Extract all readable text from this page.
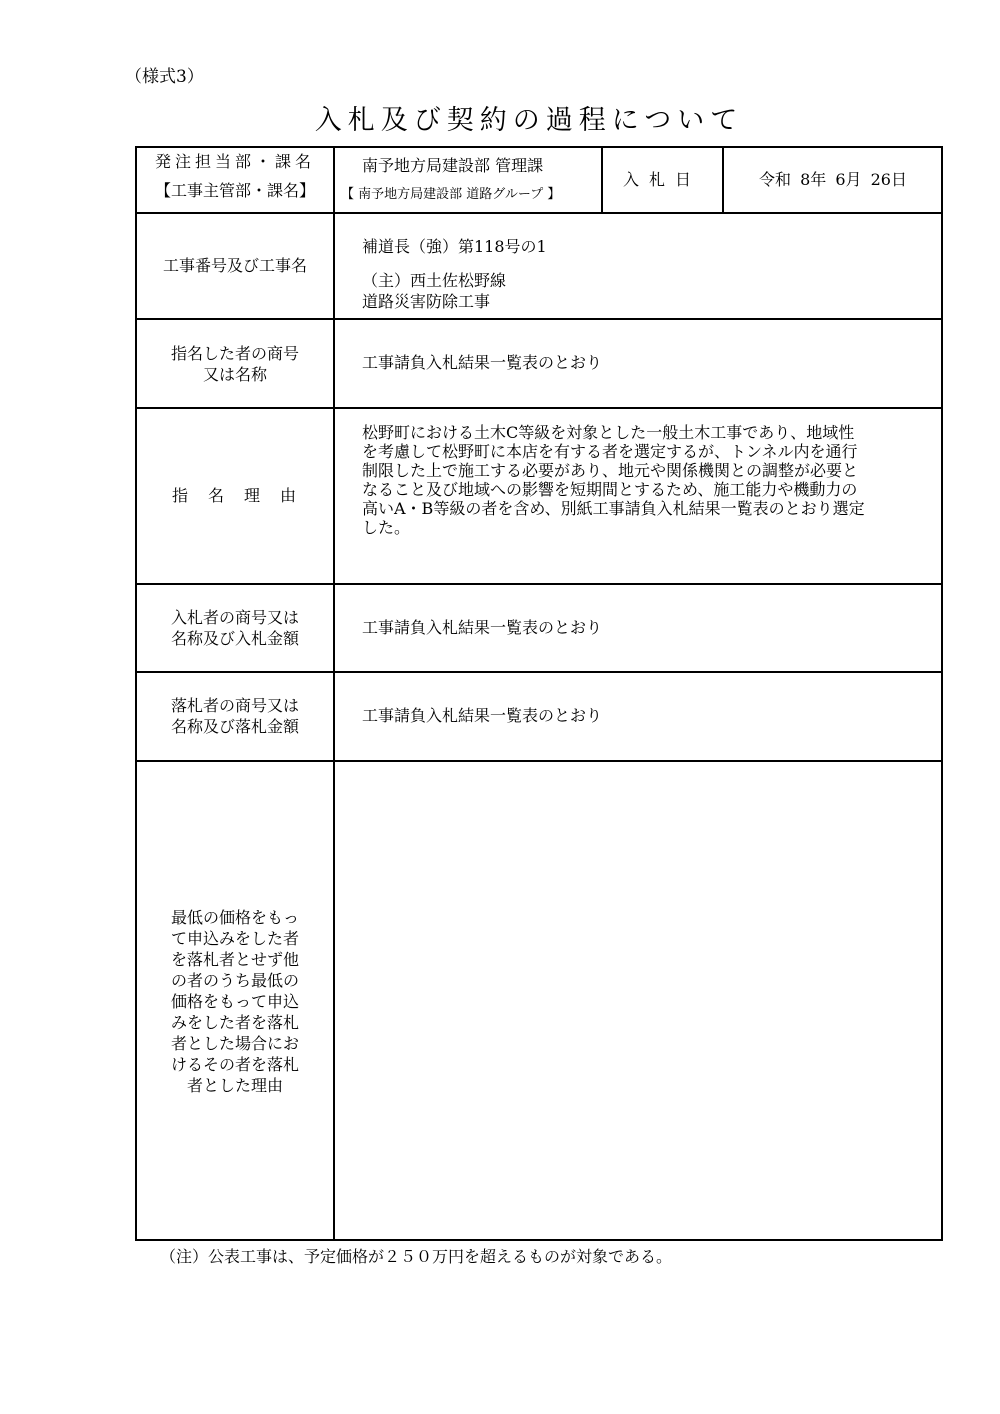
（様式3）
入札及び契約の過程について
発注担当部・課名
【工事主管部・課名】
南予地方局建設部 管理課
【 南予地方局建設部 道路グループ 】
入札日	令和 8年 6月 26日
工事番号及び工事名
補道長（強）第118号の1
（主）西土佐松野線
道路災害防除工事
指名した者の商号
又は名称
工事請負入札結果一覧表のとおり
指　名　理　由
松野町における土木C等級を対象とした一般土木工事であり、地域性
を考慮して松野町に本店を有する者を選定するが、トンネル内を通行
制限した上で施工する必要があり、地元や関係機関との調整が必要と
なること及び地域への影響を短期間とするため、施工能力や機動力の
高いA・B等級の者を含め、別紙工事請負入札結果一覧表のとおり選定
した。
入札者の商号又は
名称及び入札金額
工事請負入札結果一覧表のとおり
落札者の商号又は
名称及び落札金額
工事請負入札結果一覧表のとおり
最低の価格をもっ
て申込みをした者
を落札者とせず他
の者のうち最低の
価格をもって申込
みをした者を落札
者とした場合にお
けるその者を落札
者とした理由
（注）公表工事は、予定価格が２５０万円を超えるものが対象である。
